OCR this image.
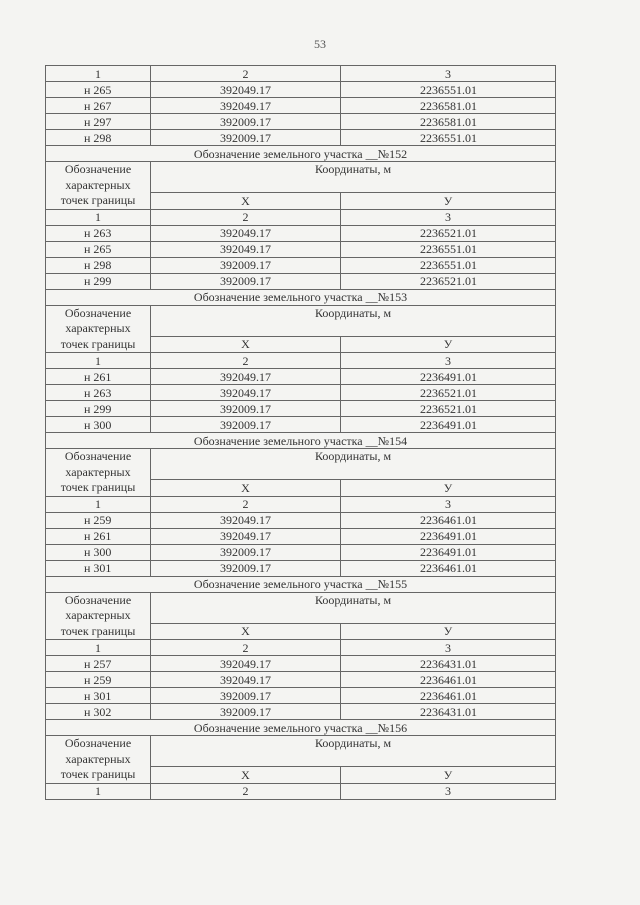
53
1	2	3
н 265	392049.17	2236551.01
н 267	392049.17	2236581.01
н 297	392009.17	2236581.01
н 298	392009.17	2236551.01
Обозначение земельного участка __№152		
Обозначение характерных точек границы	Координаты, м	
	Х	У
1	2	3
н 263	392049.17	2236521.01
н 265	392049.17	2236551.01
н 298	392009.17	2236551.01
н 299	392009.17	2236521.01
Обозначение земельного участка __№153		
Обозначение характерных точек границы	Координаты, м	
	Х	У
1	2	3
н 261	392049.17	2236491.01
н 263	392049.17	2236521.01
н 299	392009.17	2236521.01
н 300	392009.17	2236491.01
Обозначение земельного участка __№154		
Обозначение характерных точек границы	Координаты, м	
	Х	У
1	2	3
н 259	392049.17	2236461.01
н 261	392049.17	2236491.01
н 300	392009.17	2236491.01
н 301	392009.17	2236461.01
Обозначение земельного участка __№155		
Обозначение характерных точек границы	Координаты, м	
	Х	У
1	2	3
н 257	392049.17	2236431.01
н 259	392049.17	2236461.01
н 301	392009.17	2236461.01
н 302	392009.17	2236431.01
Обозначение земельного участка __№156		
Обозначение характерных точек границы	Координаты, м	
	Х	У
1	2	3
